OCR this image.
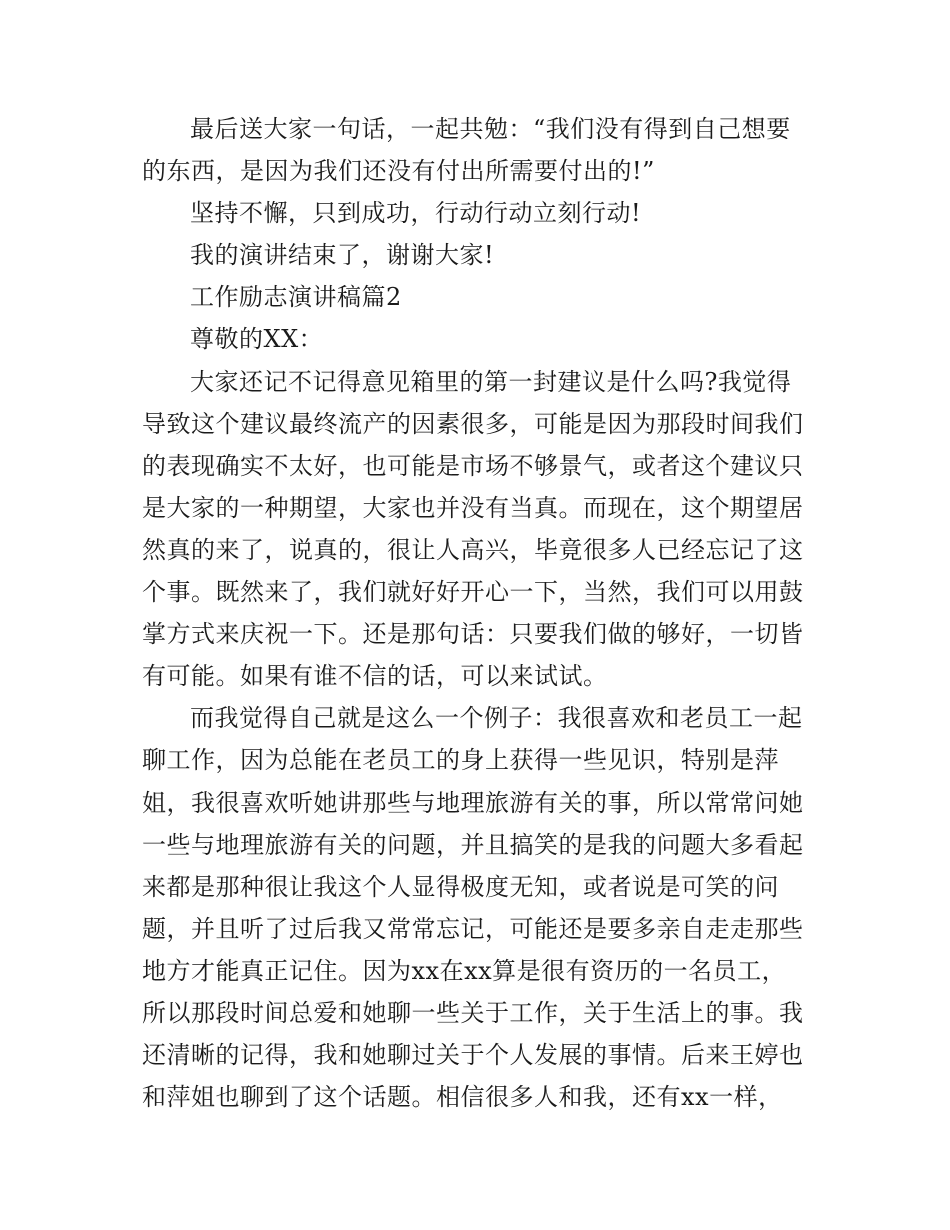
最后送大家一句话，一起共勉：“我们没有得到自己想要
的东西，是因为我们还没有付出所需要付出的!”
坚持不懈，只到成功，行动行动立刻行动!
我的演讲结束了，谢谢大家!
工作励志演讲稿篇2
尊敬的XX：
大家还记不记得意见箱里的第一封建议是什么吗?我觉得
导致这个建议最终流产的因素很多，可能是因为那段时间我们
的表现确实不太好，也可能是市场不够景气，或者这个建议只
是大家的一种期望，大家也并没有当真。而现在，这个期望居
然真的来了，说真的，很让人高兴，毕竟很多人已经忘记了这
个事。既然来了，我们就好好开心一下，当然，我们可以用鼓
掌方式来庆祝一下。还是那句话：只要我们做的够好，一切皆
有可能。如果有谁不信的话，可以来试试。
而我觉得自己就是这么一个例子：我很喜欢和老员工一起
聊工作，因为总能在老员工的身上获得一些见识，特别是萍
姐，我很喜欢听她讲那些与地理旅游有关的事，所以常常问她
一些与地理旅游有关的问题，并且搞笑的是我的问题大多看起
来都是那种很让我这个人显得极度无知，或者说是可笑的问
题，并且听了过后我又常常忘记，可能还是要多亲自走走那些
地方才能真正记住。因为xx在xx算是很有资历的一名员工，
所以那段时间总爱和她聊一些关于工作，关于生活上的事。我
还清晰的记得，我和她聊过关于个人发展的事情。后来王婷也
和萍姐也聊到了这个话题。相信很多人和我，还有xx一样，
